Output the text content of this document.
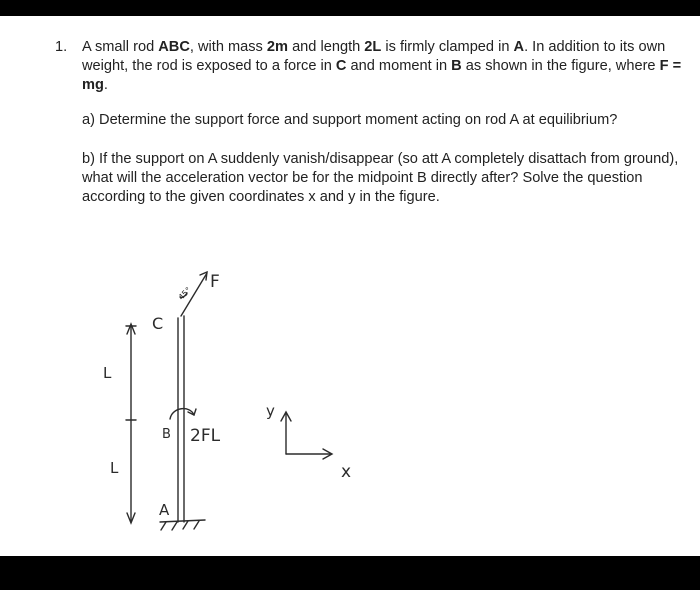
1. A small rod ABC, with mass 2m and length 2L is firmly clamped in A. In addition to its own weight, the rod is exposed to a force in C and moment in B as shown in the figure, where F = mg.
a) Determine the support force and support moment acting on rod A at equilibrium?
b) If the support on A suddenly vanish/disappear (so att A completely disattach from ground), what will the acceleration vector be for the midpoint B directly after? Solve the question according to the given coordinates x and y in the figure.
F
45°
C
L
B 2FL
L
A
y
x
